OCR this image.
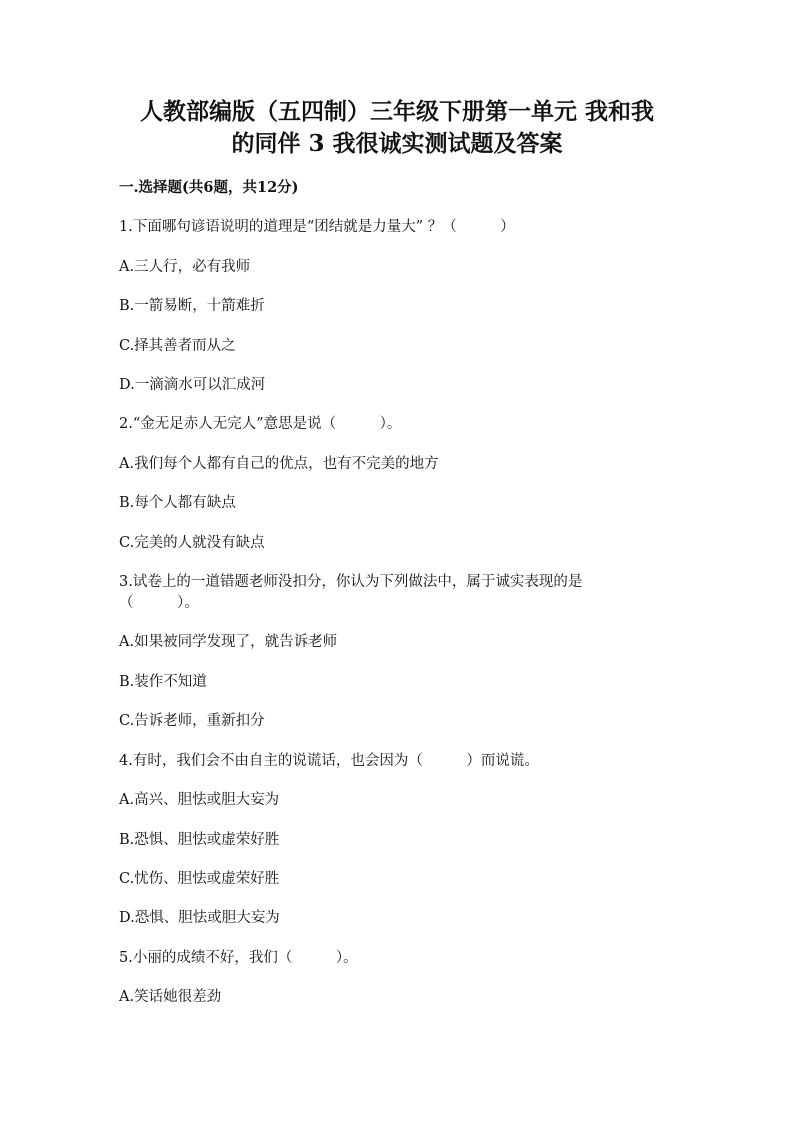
人教部编版（五四制）三年级下册第一单元 我和我
的同伴 3 我很诚实测试题及答案

一.选择题(共6题，共12分)

1.下面哪句谚语说明的道理是“团结就是力量大” ？（　　　）

A.三人行，必有我师

B.一箭易断，十箭难折

C.择其善者而从之

D.一滴滴水可以汇成河

2.“金无足赤人无完人”意思是说（　　　）。

A.我们每个人都有自己的优点，也有不完美的地方

B.每个人都有缺点

C.完美的人就没有缺点

3.试卷上的一道错题老师没扣分，你认为下列做法中，属于诚实表现的是

（　　　）。

A.如果被同学发现了，就告诉老师

B.装作不知道

C.告诉老师，重新扣分

4.有时，我们会不由自主的说谎话，也会因为（　　　）而说谎。

A.高兴、胆怯或胆大妄为

B.恐惧、胆怯或虚荣好胜

C.忧伤、胆怯或虚荣好胜

D.恐惧、胆怯或胆大妄为

5.小丽的成绩不好，我们（　　　）。

A.笑话她很差劲
